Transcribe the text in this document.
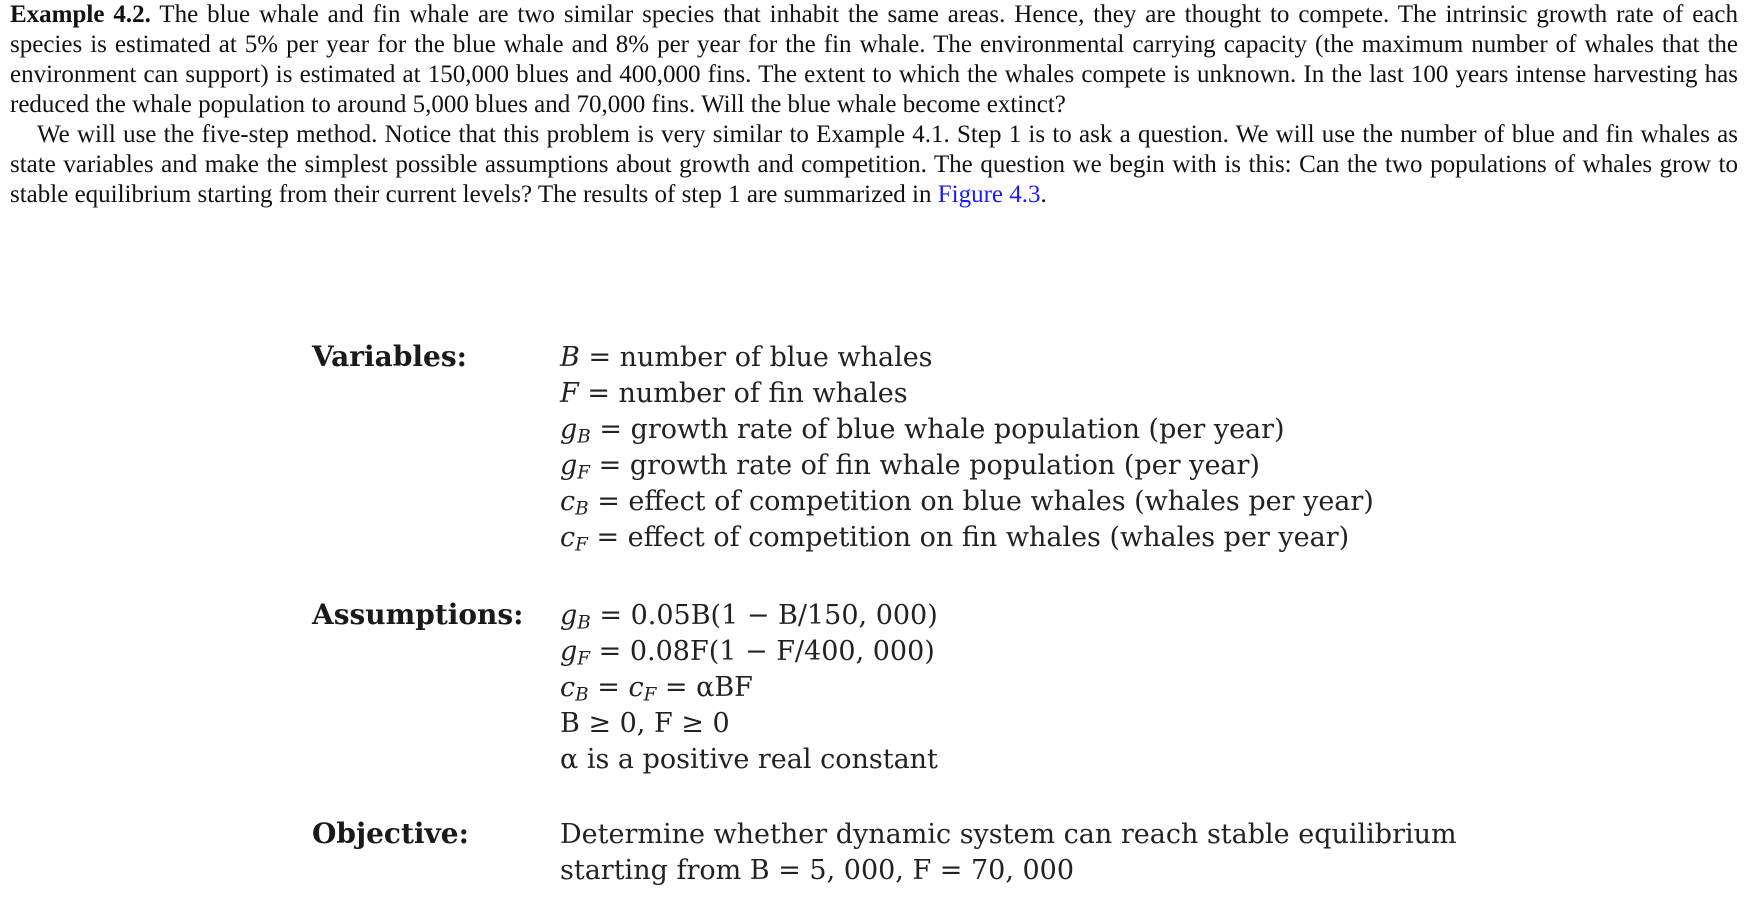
Example 4.2. The blue whale and fin whale are two similar species that inhabit the same areas. Hence, they are thought to compete. The intrinsic growth rate of each species is estimated at 5% per year for the blue whale and 8% per year for the fin whale. The environmental carrying capacity (the maximum number of whales that the environment can support) is estimated at 150,000 blues and 400,000 fins. The extent to which the whales compete is unknown. In the last 100 years intense harvesting has reduced the whale population to around 5,000 blues and 70,000 fins. Will the blue whale become extinct?

We will use the five-step method. Notice that this problem is very similar to Example 4.1. Step 1 is to ask a question. We will use the number of blue and fin whales as state variables and make the simplest possible assumptions about growth and competition. The question we begin with is this: Can the two populations of whales grow to stable equilibrium starting from their current levels? The results of step 1 are summarized in Figure 4.3.

Variables:	B = number of blue whales
F = number of fin whales
$g_B$ = growth rate of blue whale population (per year)
$g_F$ = growth rate of fin whale population (per year)
$c_B$ = effect of competition on blue whales (whales per year)
$c_F$ = effect of competition on fin whales (whales per year)
Assumptions: $g_B = 0.05B(1 - B/150$, 000)
$g_F = 0.08F(1 - F/400$, 000)
$c_B = c_F = \alpha BF$
B ≥ 0, F ≥ 0
α is a positive real constant
Objective:	Determine whether dynamic system can reach stable equilibrium
starting from B = 5, 000, F = 70, 000
